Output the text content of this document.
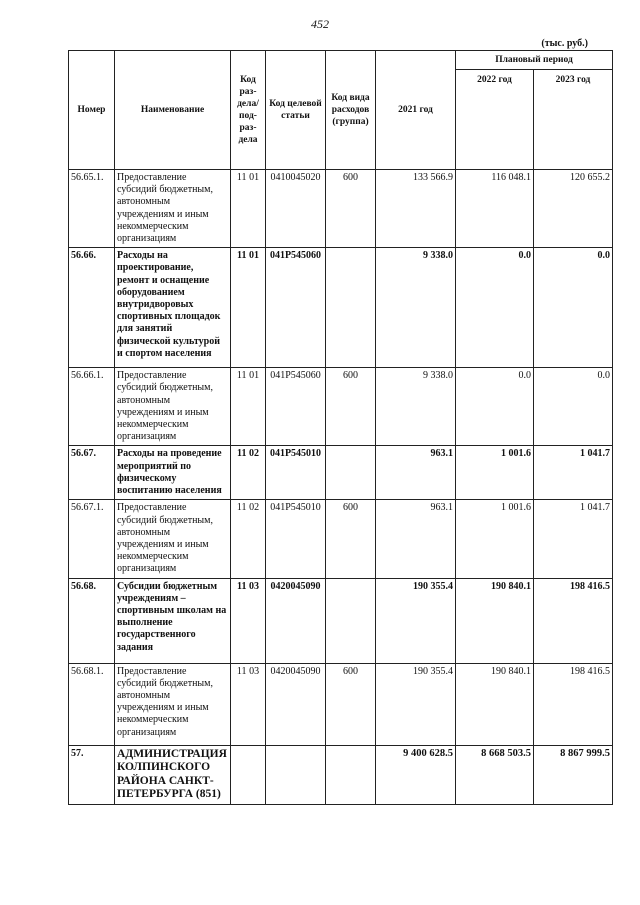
452
(тыс. руб.)
Номер	Наименование	Код раз- дела/ под- раз- дела	Код целевой статьи	Код вида расходов (группа)	2021 год	Плановый период	
						2022 год	2023 год
56.65.1.	Предоставление субсидий бюджетным, автономным учреждениям и иным некоммерческим организациям	11 01	0410045020	600	133 566.9	116 048.1	120 655.2
56.66.	Расходы на проектирование, ремонт и оснащение оборудованием внутридворовых спортивных площадок для занятий физической культурой и спортом населения	11 01	041P545060		9 338.0	0.0	0.0
56.66.1.	Предоставление субсидий бюджетным, автономным учреждениям и иным некоммерческим организациям	11 01	041P545060	600	9 338.0	0.0	0.0
56.67.	Расходы на проведение мероприятий по физическому воспитанию населения	11 02	041P545010		963.1	1 001.6	1 041.7
56.67.1.	Предоставление субсидий бюджетным, автономным учреждениям и иным некоммерческим организациям	11 02	041P545010	600	963.1	1 001.6	1 041.7
56.68.	Субсидии бюджетным учреждениям – спортивным школам на выполнение государственного задания	11 03	0420045090		190 355.4	190 840.1	198 416.5
56.68.1.	Предоставление субсидий бюджетным, автономным учреждениям и иным некоммерческим организациям	11 03	0420045090	600	190 355.4	190 840.1	198 416.5
57.	АДМИНИСТРАЦИЯ КОЛПИНСКОГО РАЙОНА САНКТ-ПЕТЕРБУРГА (851)				9 400 628.5	8 668 503.5	8 867 999.5
